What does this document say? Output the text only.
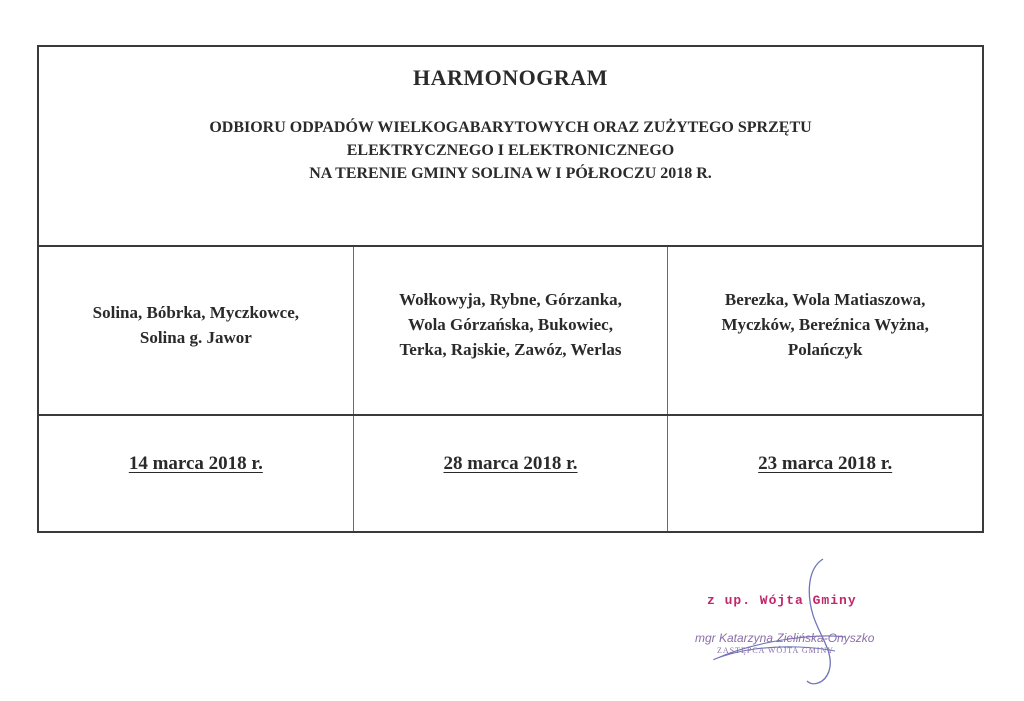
HARMONOGRAM
ODBIORU ODPADÓW WIELKOGABARYTOWYCH ORAZ ZUŻYTEGO SPRZĘTU
ELEKTRYCZNEGO I ELEKTRONICZNEGO
NA TERENIE GMINY SOLINA W I PÓŁROCZU 2018 R.
Solina, Bóbrka, Myczkowce,
Solina g. Jawor
Wołkowyja, Rybne, Górzanka,
Wola Górzańska, Bukowiec,
Terka, Rajskie, Zawóz, Werlas
Berezka, Wola Matiaszowa,
Myczków, Bereźnica Wyżna,
Polańczyk
14 marca 2018 r.	28 marca 2018 r.	23 marca 2018 r.
z up. Wójta Gminy
mgr Katarzyna Zielińska-Onyszko
ZASTĘPCA WÓJTA GMINY
